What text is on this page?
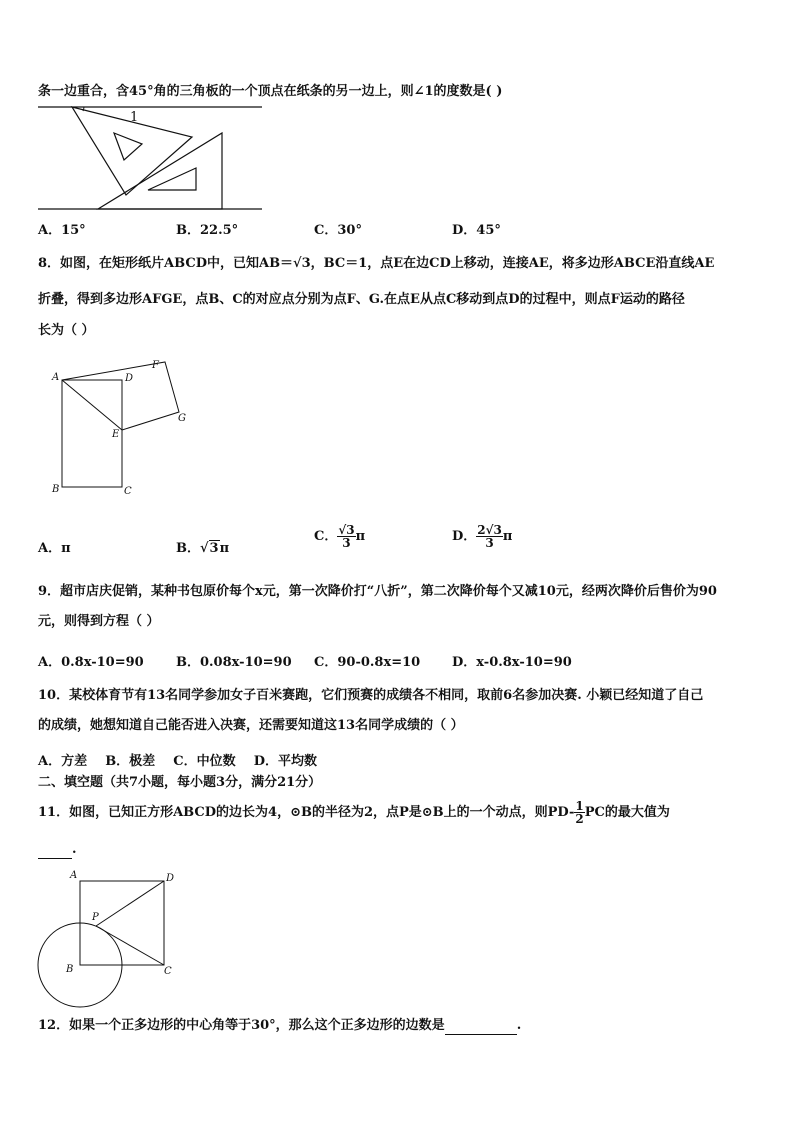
条一边重合，含45°角的三角板的一个顶点在纸条的另一边上，则∠1的度数是( )
1
A．15°	B．22.5°	C．30°	D．45°
8．如图，在矩形纸片ABCD中，已知AB＝√3，BC＝1，点E在边CD上移动，连接AE，将多边形ABCE沿直线AE
折叠，得到多边形AFGE，点B、C的对应点分别为点F、G.在点E从点C移动到点D的过程中，则点F运动的路径
长为（ ）
A	D
F
G
E
B	C
A．π	B．√3π
C． $\frac{√3}{3}$ π	D． $\frac{2√3}{3}$ π
9．超市店庆促销，某种书包原价每个x元，第一次降价打“八折”，第二次降价每个又减10元，经两次降价后售价为90
元，则得到方程（ ）
A．0.8x-10=90 B．0.08x-10=90 C．90-0.8x=10 D．x-0.8x-10=90
10．某校体育节有13名同学参加女子百米赛跑，它们预赛的成绩各不相同，取前6名参加决赛. 小颖已经知道了自己
的成绩，她想知道自己能否进入决赛，还需要知道这13名同学成绩的（ ）
A．方差    B．极差    C．中位数    D．平均数
二、填空题（共7小题，每小题3分，满分21分）
11．如图，已知正方形ABCD的边长为4，⊙B的半径为2，点P是⊙B上的一个动点，则$PD- \frac{1}{2}$ PC的最大值为
.
A	D
P
B	C
12．如果一个正多边形的中心角等于30°，那么这个正多边形的边数是	.
